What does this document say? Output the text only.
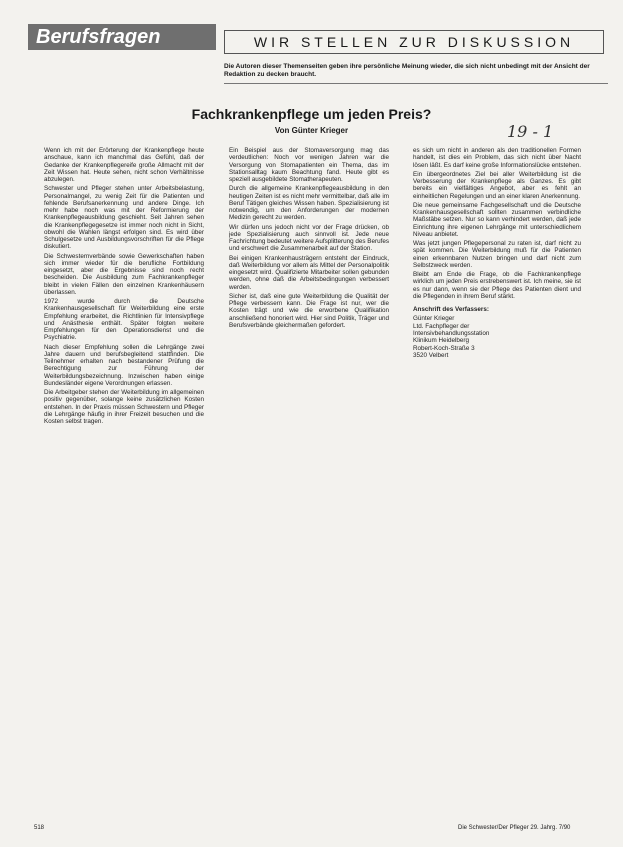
Berufsfragen	WIR STELLEN ZUR DISKUSSION
Die Autoren dieser Themenseiten geben ihre persönliche Meinung wieder, die sich nicht unbedingt mit der Ansicht der Redaktion zu decken braucht.
Fachkrankenpflege um jeden Preis?
Von Günter Krieger	19 - 1

Wenn ich mit der Erörterung der Krankenpflege heute anschaue, kann ich manchmal das Gefühl, daß der Gedanke der Krankenpflegereife große Allmacht mit der Zeit Wissen hat. Heute sehen, nicht schon Verhältnisse abzulegen.

Schwester und Pfleger stehen unter Arbeitsbelastung, Personalmangel, zu wenig Zeit für die Patienten und fehlende Berufsanerkennung und andere Dinge. Ich mehr habe noch was mit der Reformierung der Krankenpflegeausbildung geschieht. Seit Jahren sehen die Krankenpflegegesetze ist immer noch nicht in Sicht, obwohl die Wahlen längst erfolgen sind. Es wird über Schulgesetze und Ausbildungsvorschriften für die Pflege diskutiert.

Die Schwesternverbände sowie Gewerkschaften haben sich immer wieder für die berufliche Fortbildung eingesetzt, aber die Ergebnisse sind noch recht bescheiden. Die Ausbildung zum Fachkrankenpfleger bleibt in vielen Fällen den einzelnen Krankenhäusern überlassen.

1972 wurde durch die Deutsche Krankenhausgesellschaft für Weiterbildung eine erste Empfehlung erarbeitet, die Richtlinien für Intensivpflege und Anästhesie enthält. Später folgten weitere Empfehlungen für den Operationsdienst und die Psychiatrie.

Nach dieser Empfehlung sollen die Lehrgänge zwei Jahre dauern und berufsbegleitend stattfinden. Die Teilnehmer erhalten nach bestandener Prüfung die Berechtigung zur Führung der Weiterbildungsbezeichnung. Inzwischen haben einige Bundesländer eigene Verordnungen erlassen.

Die Arbeitgeber stehen der Weiterbildung im allgemeinen positiv gegenüber, solange keine zusätzlichen Kosten entstehen. In der Praxis müssen Schwestern und Pfleger die Lehrgänge häufig in ihrer Freizeit besuchen und die Kosten selbst tragen.

Ein Beispiel aus der Stomaversorgung mag das verdeutlichen: Noch vor wenigen Jahren war die Versorgung von Stomapatienten ein Thema, das im Stationsalltag kaum Beachtung fand. Heute gibt es speziell ausgebildete Stomatherapeuten.

Durch die allgemeine Krankenpflegeausbildung in den heutigen Zeiten ist es nicht mehr vermittelbar, daß alle im Beruf Tätigen gleiches Wissen haben. Spezialisierung ist notwendig, um den Anforderungen der modernen Medizin gerecht zu werden.

Wir dürfen uns jedoch nicht vor der Frage drücken, ob jede Spezialisierung auch sinnvoll ist. Jede neue Fachrichtung bedeutet weitere Aufsplitterung des Berufes und erschwert die Zusammenarbeit auf der Station.

Bei einigen Krankenhausträgern entsteht der Eindruck, daß Weiterbildung vor allem als Mittel der Personalpolitik eingesetzt wird. Qualifizierte Mitarbeiter sollen gebunden werden, ohne daß die Arbeitsbedingungen verbessert werden.

Sicher ist, daß eine gute Weiterbildung die Qualität der Pflege verbessern kann. Die Frage ist nur, wer die Kosten trägt und wie die erworbene Qualifikation anschließend honoriert wird. Hier sind Politik, Träger und Berufsverbände gleichermaßen gefordert.

es sich um nicht in anderen als den traditionellen Formen handelt, ist dies ein Problem, das sich nicht über Nacht lösen läßt. Es darf keine große Informationslücke entstehen.

Ein übergeordnetes Ziel bei aller Weiterbildung ist die Verbesserung der Krankenpflege als Ganzes. Es gibt bereits ein vielfältiges Angebot, aber es fehlt an einheitlichen Regelungen und an einer klaren Anerkennung.

Die neue gemeinsame Fachgesellschaft und die Deutsche Krankenhausgesellschaft sollten zusammen verbindliche Maßstäbe setzen. Nur so kann verhindert werden, daß jede Einrichtung ihre eigenen Lehrgänge mit unterschiedlichem Niveau anbietet.

Was jetzt jungen Pflegepersonal zu raten ist, darf nicht zu spät kommen. Die Weiterbildung muß für die Patienten einen erkennbaren Nutzen bringen und darf nicht zum Selbstzweck werden.

Bleibt am Ende die Frage, ob die Fachkrankenpflege wirklich um jeden Preis erstrebenswert ist. Ich meine, sie ist es nur dann, wenn sie der Pflege des Patienten dient und die Pflegenden in ihrem Beruf stärkt.

Anschrift des Verfassers:

Günter Krieger

Ltd. Fachpfleger der

Intensivbehandlungsstation

Klinikum Heidelberg

Robert-Koch-Straße 3

3520 Velbert

518	Die Schwester/Der Pfleger 29. Jahrg. 7/90
